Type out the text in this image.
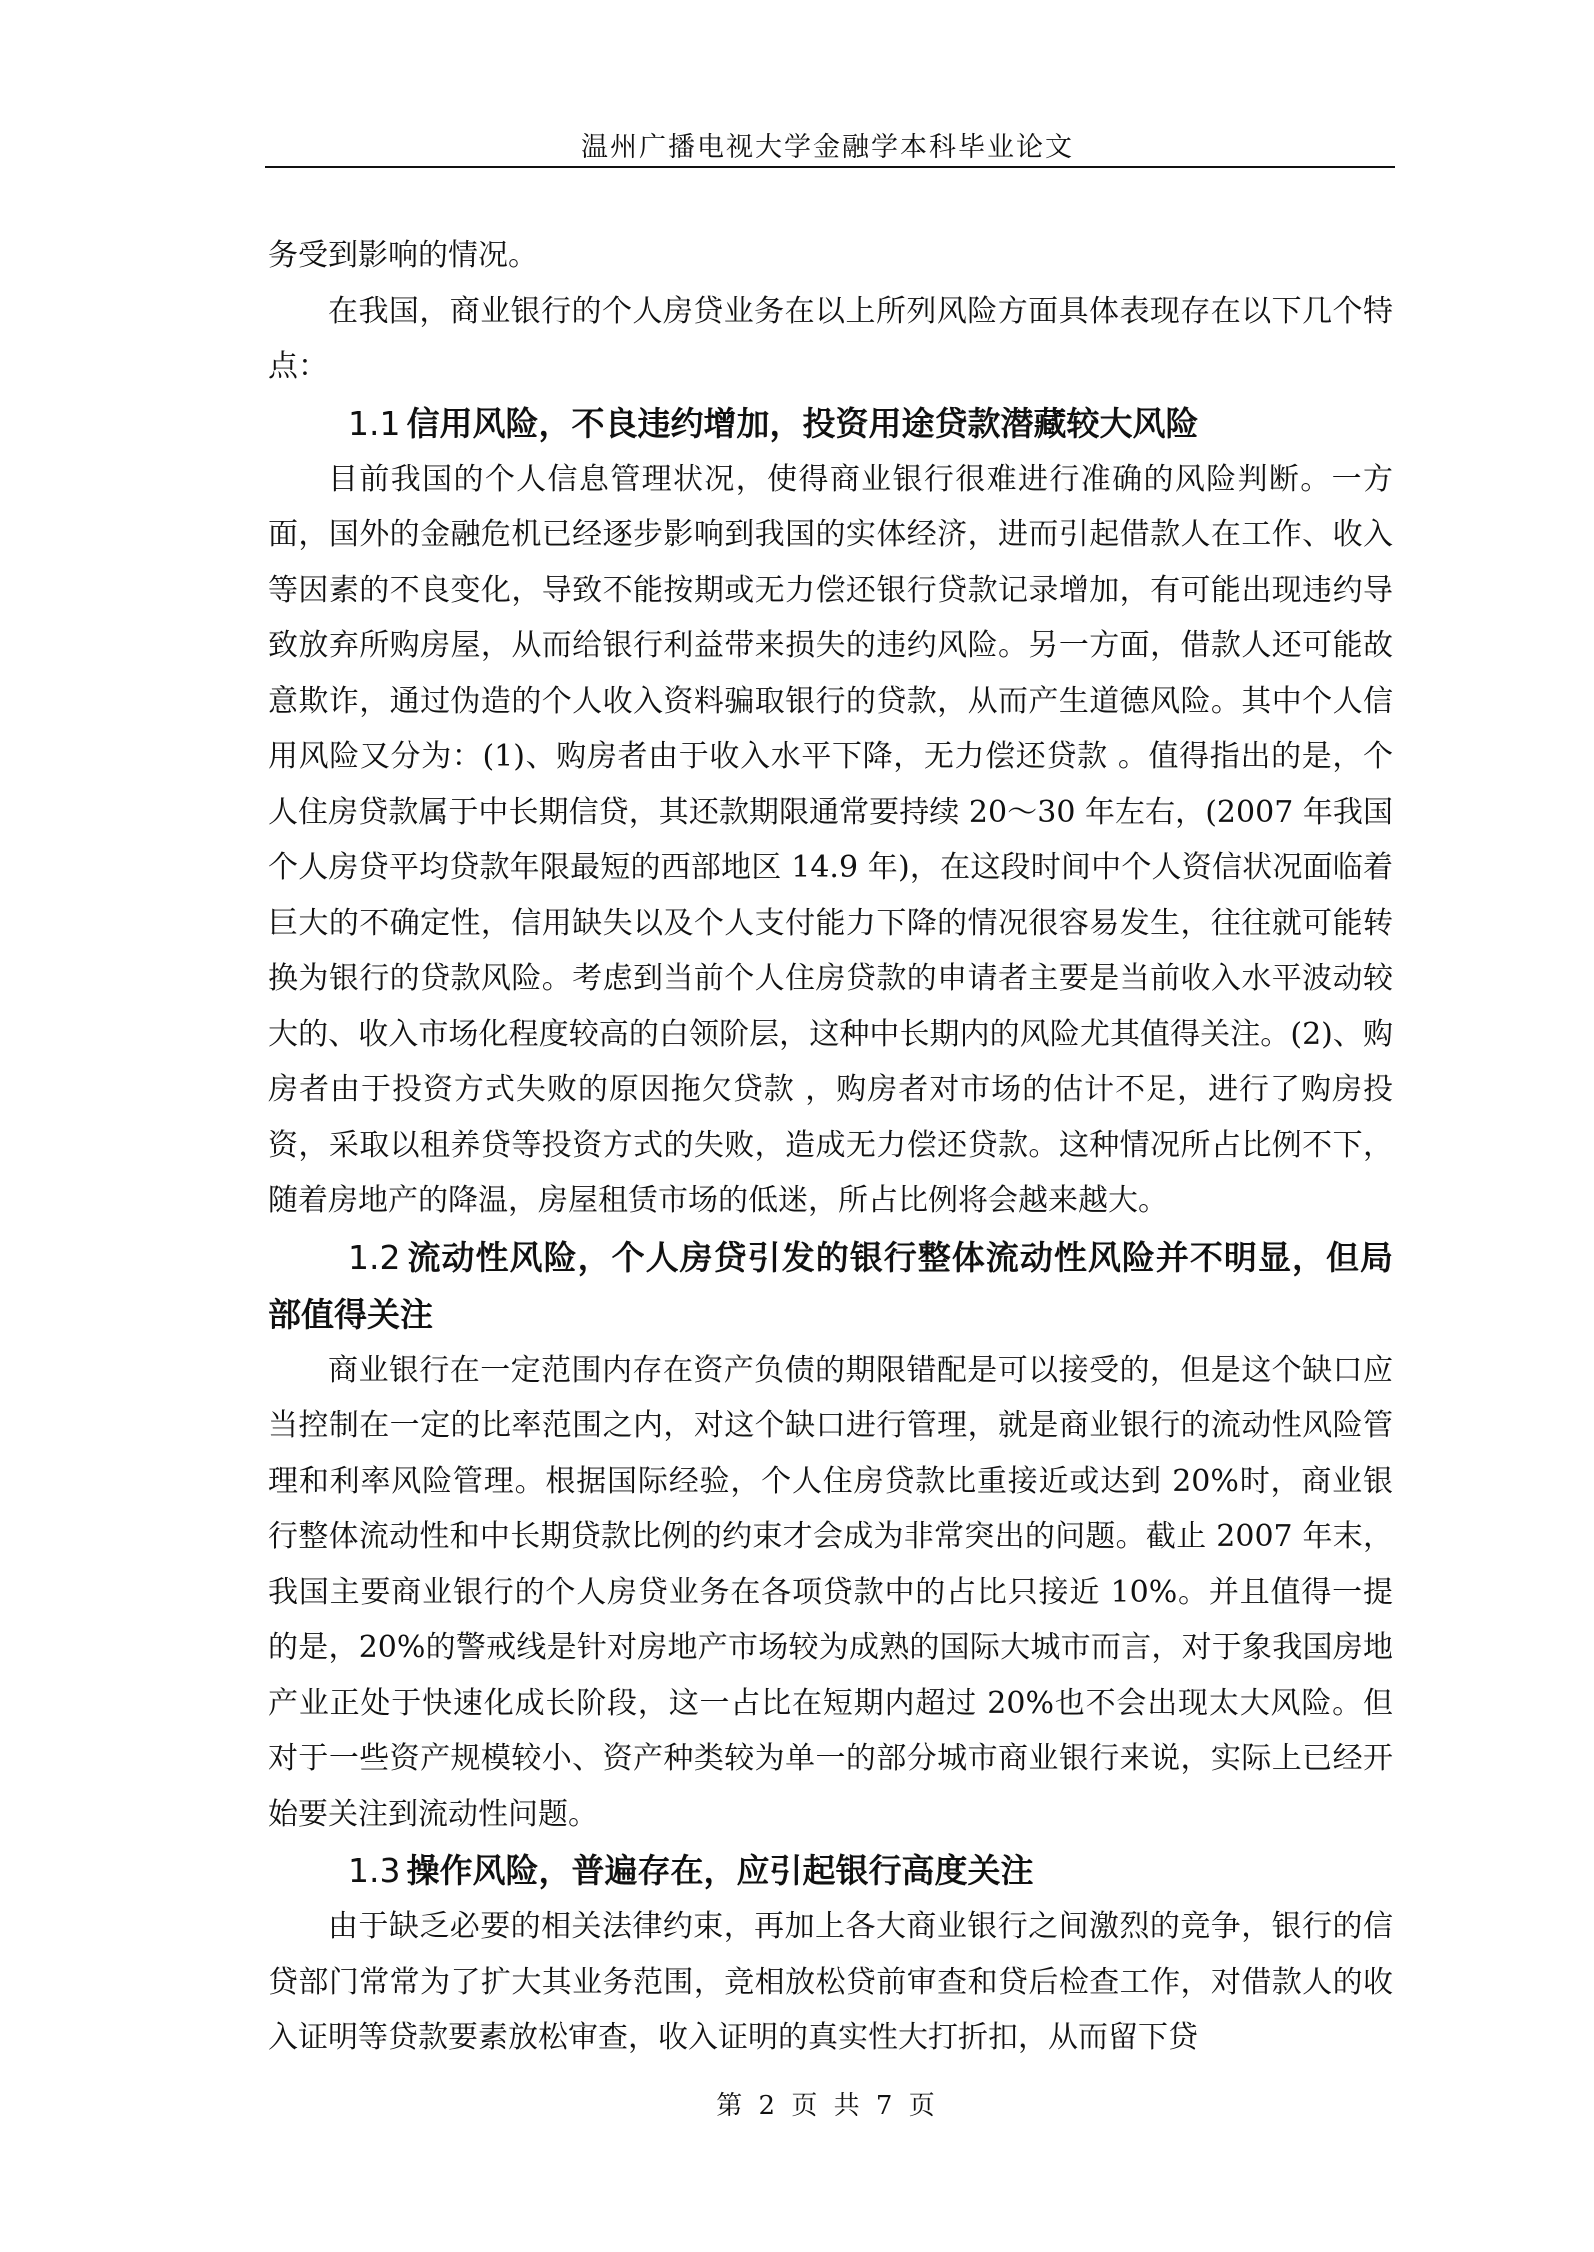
温州广播电视大学金融学本科毕业论文

务受到影响的情况。

在我国，商业银行的个人房贷业务在以上所列风险方面具体表现存在以下几个特点：

1.1 信用风险，不良违约增加，投资用途贷款潜藏较大风险

目前我国的个人信息管理状况，使得商业银行很难进行准确的风险判断。一方面，国外的金融危机已经逐步影响到我国的实体经济，进而引起借款人在工作、收入等因素的不良变化，导致不能按期或无力偿还银行贷款记录增加，有可能出现违约导致放弃所购房屋，从而给银行利益带来损失的违约风险。另一方面，借款人还可能故意欺诈，通过伪造的个人收入资料骗取银行的贷款，从而产生道德风险。其中个人信用风险又分为：(1)、购房者由于收入水平下降，无力偿还贷款 。值得指出的是，个人住房贷款属于中长期信贷，其还款期限通常要持续 20～30 年左右，(2007 年我国个人房贷平均贷款年限最短的西部地区 14.9 年)，在这段时间中个人资信状况面临着巨大的不确定性，信用缺失以及个人支付能力下降的情况很容易发生，往往就可能转换为银行的贷款风险。考虑到当前个人住房贷款的申请者主要是当前收入水平波动较大的、收入市场化程度较高的白领阶层，这种中长期内的风险尤其值得关注。(2)、购房者由于投资方式失败的原因拖欠贷款 ，购房者对市场的估计不足，进行了购房投资，采取以租养贷等投资方式的失败，造成无力偿还贷款。这种情况所占比例不下，随着房地产的降温，房屋租赁市场的低迷，所占比例将会越来越大。

1.2 流动性风险，个人房贷引发的银行整体流动性风险并不明显，但局部值得关注

商业银行在一定范围内存在资产负债的期限错配是可以接受的，但是这个缺口应当控制在一定的比率范围之内，对这个缺口进行管理，就是商业银行的流动性风险管理和利率风险管理。根据国际经验，个人住房贷款比重接近或达到 20%时，商业银行整体流动性和中长期贷款比例的约束才会成为非常突出的问题。截止 2007 年末，我国主要商业银行的个人房贷业务在各项贷款中的占比只接近 10%。并且值得一提的是，20%的警戒线是针对房地产市场较为成熟的国际大城市而言，对于象我国房地产业正处于快速化成长阶段，这一占比在短期内超过 20%也不会出现太大风险。但对于一些资产规模较小、资产种类较为单一的部分城市商业银行来说，实际上已经开始要关注到流动性问题。

1.3 操作风险，普遍存在，应引起银行高度关注

由于缺乏必要的相关法律约束，再加上各大商业银行之间激烈的竞争，银行的信贷部门常常为了扩大其业务范围，竞相放松贷前审查和贷后检查工作，对借款人的收入证明等贷款要素放松审查，收入证明的真实性大打折扣，从而留下贷

第 2 页 共 7 页
